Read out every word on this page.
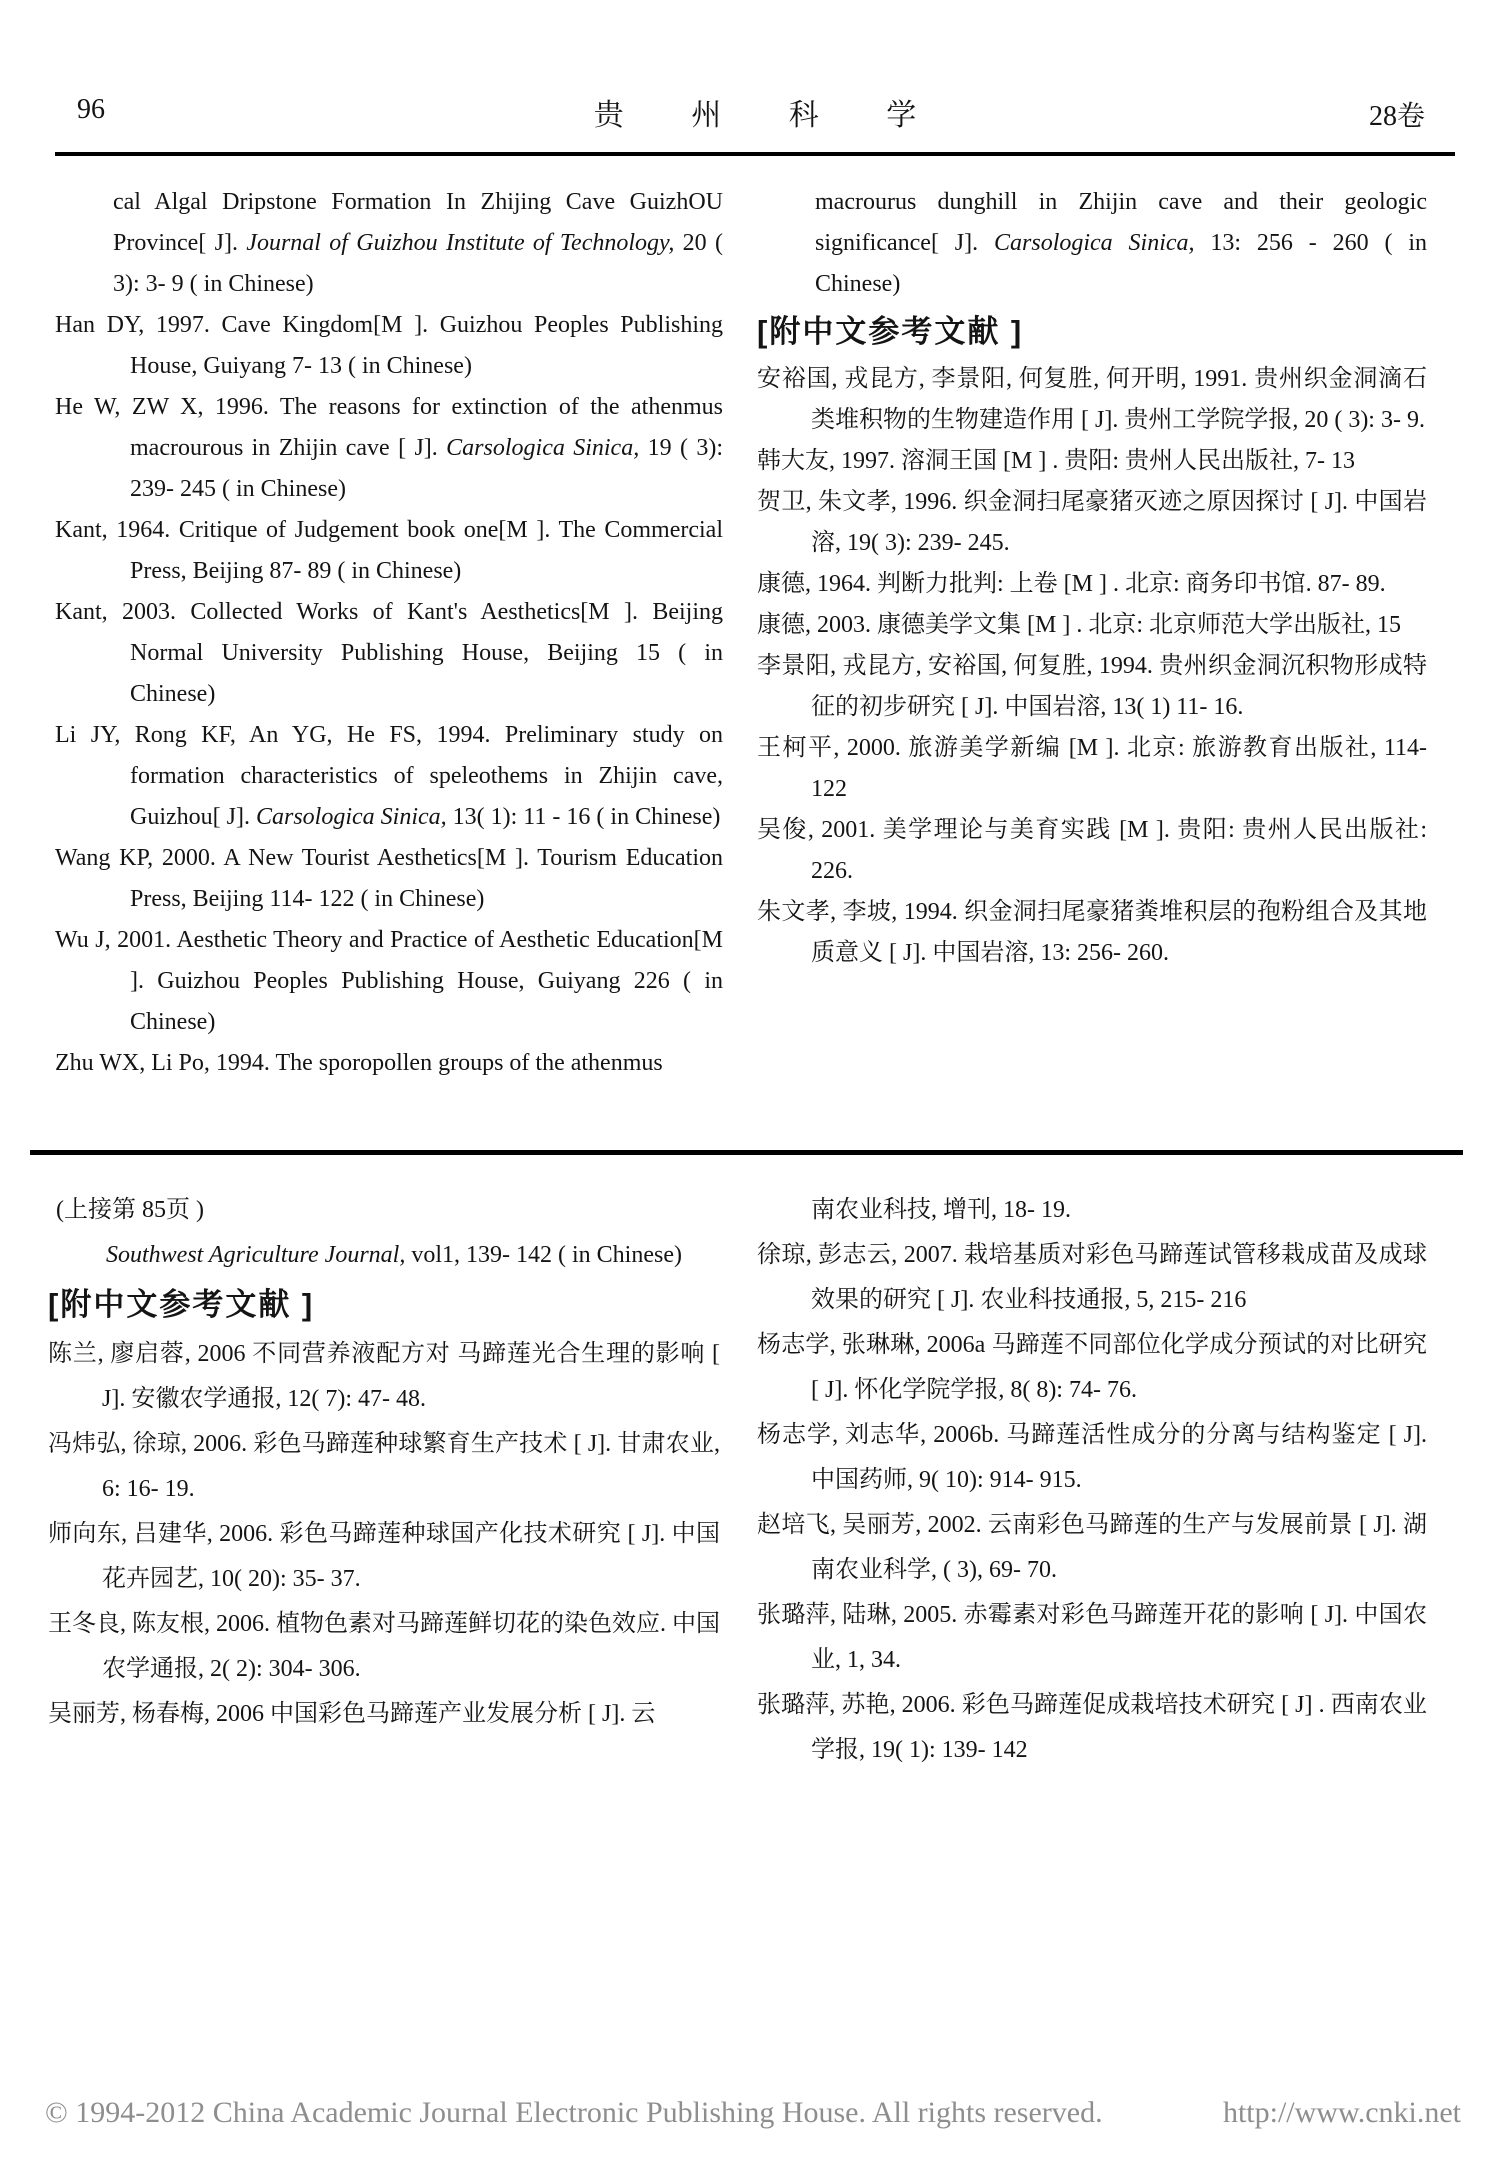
96	贵 州 科 学	28卷

cal Algal Dripstone Formation In Zhijing Cave GuizhOU Province[ J]. Journal of Guizhou Institute of Technology, 20 ( 3): 3- 9 ( in Chinese)

Han DY, 1997. Cave Kingdom[M ]. Guizhou Peoples Publishing House, Guiyang 7- 13 ( in Chinese)

He W, ZW X, 1996. The reasons for extinction of the athenmus macrourous in Zhijin cave [ J]. Carsologica Sinica, 19 ( 3): 239- 245 ( in Chinese)

Kant, 1964. Critique of Judgement book one[M ]. The Commercial Press, Beijing 87- 89 ( in Chinese)

Kant, 2003. Collected Works of Kant's Aesthetics[M ]. Beijing Normal University Publishing House, Beijing 15 ( in Chinese)

Li JY, Rong KF, An YG, He FS, 1994. Preliminary study on formation characteristics of speleothems in Zhijin cave, Guizhou[ J]. Carsologica Sinica, 13( 1): 11 - 16 ( in Chinese)

Wang KP, 2000. A New Tourist Aesthetics[M ]. Tourism Education Press, Beijing 114- 122 ( in Chinese)

Wu J, 2001. Aesthetic Theory and Practice of Aesthetic Education[M ]. Guizhou Peoples Publishing House, Guiyang 226 ( in Chinese)

Zhu WX, Li Po, 1994. The sporopollen groups of the athenmus

macrourus dunghill in Zhijin cave and their geologic significance[ J]. Carsologica Sinica, 13: 256 - 260 ( in Chinese)

[附中文参考文献 ]

安裕国, 戎昆方, 李景阳, 何复胜, 何开明, 1991. 贵州织金洞滴石类堆积物的生物建造作用 [ J]. 贵州工学院学报, 20 ( 3): 3- 9.

韩大友, 1997. 溶洞王国 [M ] . 贵阳: 贵州人民出版社, 7- 13

贺卫, 朱文孝, 1996. 织金洞扫尾豪猪灭迹之原因探讨 [ J]. 中国岩溶, 19( 3): 239- 245.

康德, 1964. 判断力批判: 上卷 [M ] . 北京: 商务印书馆. 87- 89.

康德, 2003. 康德美学文集 [M ] . 北京: 北京师范大学出版社, 15

李景阳, 戎昆方, 安裕国, 何复胜, 1994. 贵州织金洞沉积物形成特征的初步研究 [ J]. 中国岩溶, 13( 1) 11- 16.

王柯平, 2000. 旅游美学新编 [M ]. 北京: 旅游教育出版社, 114- 122

吴俊, 2001. 美学理论与美育实践 [M ]. 贵阳: 贵州人民出版社: 226.

朱文孝, 李坡, 1994. 织金洞扫尾豪猪粪堆积层的孢粉组合及其地质意义 [ J]. 中国岩溶, 13: 256- 260.

(上接第 85页 )

Southwest Agriculture Journal, vol1, 139- 142 ( in Chinese)

[附中文参考文献 ]

陈兰, 廖启蓉, 2006 不同营养液配方对 马蹄莲光合生理的影响 [ J]. 安徽农学通报, 12( 7): 47- 48.

冯炜弘, 徐琼, 2006. 彩色马蹄莲种球繁育生产技术 [ J]. 甘肃农业, 6: 16- 19.

师向东, 吕建华, 2006. 彩色马蹄莲种球国产化技术研究 [ J]. 中国花卉园艺, 10( 20): 35- 37.

王冬良, 陈友根, 2006. 植物色素对马蹄莲鲜切花的染色效应. 中国农学通报, 2( 2): 304- 306.

吴丽芳, 杨春梅, 2006 中国彩色马蹄莲产业发展分析 [ J]. 云

南农业科技, 增刊, 18- 19.

徐琼, 彭志云, 2007. 栽培基质对彩色马蹄莲试管移栽成苗及成球效果的研究 [ J]. 农业科技通报, 5, 215- 216

杨志学, 张琳琳, 2006a 马蹄莲不同部位化学成分预试的对比研究 [ J]. 怀化学院学报, 8( 8): 74- 76.

杨志学, 刘志华, 2006b. 马蹄莲活性成分的分离与结构鉴定 [ J]. 中国药师, 9( 10): 914- 915.

赵培飞, 吴丽芳, 2002. 云南彩色马蹄莲的生产与发展前景 [ J]. 湖南农业科学, ( 3), 69- 70.

张璐萍, 陆琳, 2005. 赤霉素对彩色马蹄莲开花的影响 [ J]. 中国农业, 1, 34.

张璐萍, 苏艳, 2006. 彩色马蹄莲促成栽培技术研究 [ J] . 西南农业学报, 19( 1): 139- 142

© 1994-2012 China Academic Journal Electronic Publishing House. All rights reserved.	http://www.cnki.net
